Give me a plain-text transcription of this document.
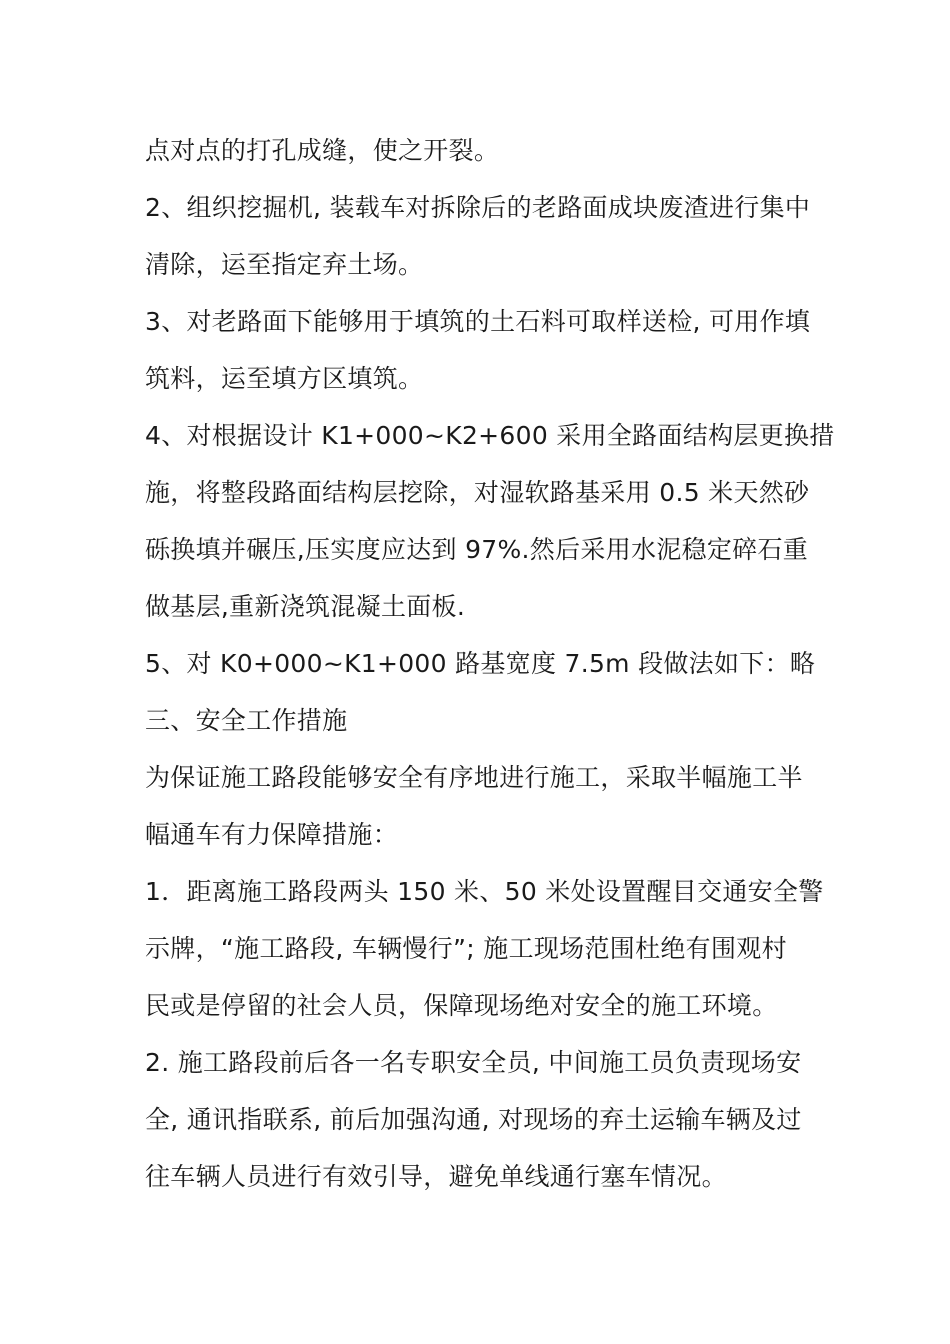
点对点的打孔成缝，使之开裂。
2、组织挖掘机, 装载车对拆除后的老路面成块废渣进行集中
清除，运至指定弃土场。
3、对老路面下能够用于填筑的土石料可取样送检, 可用作填
筑料，运至填方区填筑。
4、对根据设计 K1+000~K2+600 采用全路面结构层更换措
施，将整段路面结构层挖除，对湿软路基采用 0.5 米天然砂
砾换填并碾压,压实度应达到 97%.然后采用水泥稳定碎石重
做基层,重新浇筑混凝土面板.
5、对 K0+000~K1+000 路基宽度 7.5m 段做法如下：略
三、安全工作措施
为保证施工路段能够安全有序地进行施工，采取半幅施工半
幅通车有力保障措施：
1．距离施工路段两头 150 米、50 米处设置醒目交通安全警
示牌，“施工路段, 车辆慢行”; 施工现场范围杜绝有围观村
民或是停留的社会人员，保障现场绝对安全的施工环境。
2. 施工路段前后各一名专职安全员, 中间施工员负责现场安
全, 通讯指联系, 前后加强沟通, 对现场的弃土运输车辆及过
往车辆人员进行有效引导，避免单线通行塞车情况。
